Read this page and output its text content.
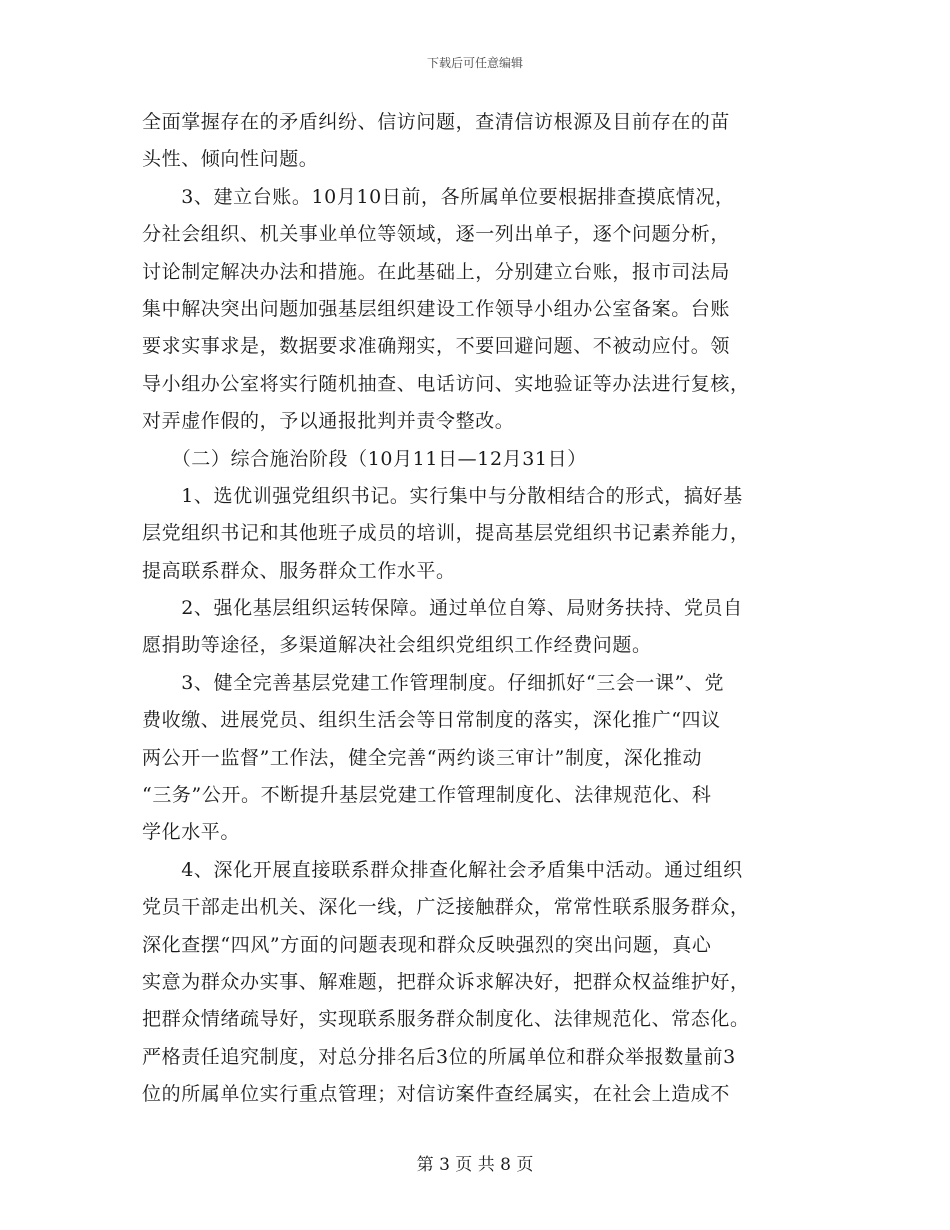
下载后可任意编辑
全面掌握存在的矛盾纠纷、信访问题，查清信访根源及目前存在的苗
头性、倾向性问题。
　　3、建立台账。10月10日前，各所属单位要根据排查摸底情况，
分社会组织、机关事业单位等领域，逐一列出单子，逐个问题分析，
讨论制定解决办法和措施。在此基础上，分别建立台账，报市司法局
集中解决突出问题加强基层组织建设工作领导小组办公室备案。台账
要求实事求是，数据要求准确翔实，不要回避问题、不被动应付。领
导小组办公室将实行随机抽查、电话访问、实地验证等办法进行复核，
对弄虚作假的，予以通报批判并责令整改。
　　（二）综合施治阶段（10月11日—12月31日）
　　1、选优训强党组织书记。实行集中与分散相结合的形式，搞好基
层党组织书记和其他班子成员的培训，提高基层党组织书记素养能力，
提高联系群众、服务群众工作水平。
　　2、强化基层组织运转保障。通过单位自筹、局财务扶持、党员自
愿捐助等途径，多渠道解决社会组织党组织工作经费问题。
　　3、健全完善基层党建工作管理制度。仔细抓好“三会一课”、党
费收缴、进展党员、组织生活会等日常制度的落实，深化推广“四议
两公开一监督”工作法，健全完善“两约谈三审计”制度，深化推动
“三务”公开。不断提升基层党建工作管理制度化、法律规范化、科
学化水平。
　　4、深化开展直接联系群众排查化解社会矛盾集中活动。通过组织
党员干部走出机关、深化一线，广泛接触群众，常常性联系服务群众，
深化查摆“四风”方面的问题表现和群众反映强烈的突出问题，真心
实意为群众办实事、解难题，把群众诉求解决好，把群众权益维护好，
把群众情绪疏导好，实现联系服务群众制度化、法律规范化、常态化。
严格责任追究制度，对总分排名后3位的所属单位和群众举报数量前3
位的所属单位实行重点管理；对信访案件查经属实，在社会上造成不
第 3 页 共 8 页
